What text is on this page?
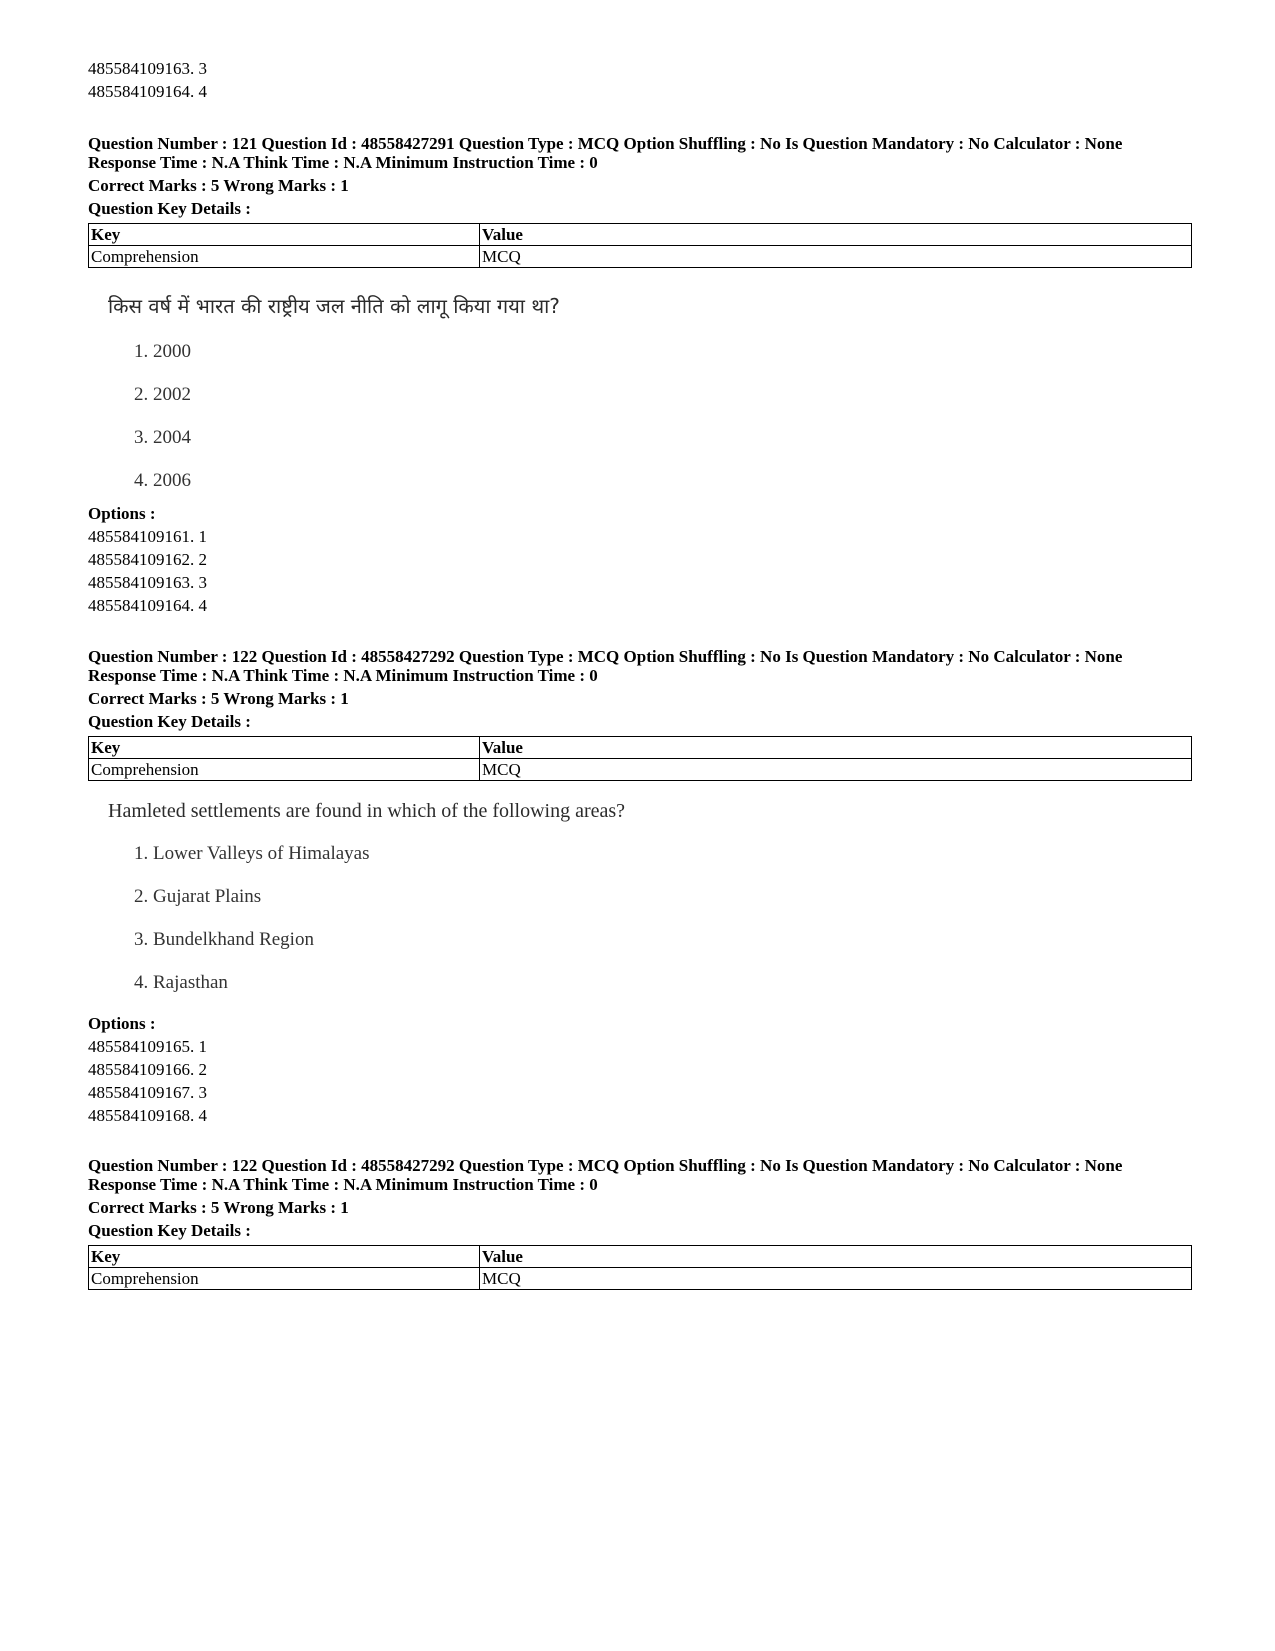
485584109163. 3
485584109164. 4
Question Number : 121 Question Id : 48558427291 Question Type : MCQ Option Shuffling : No Is Question Mandatory : No Calculator : None
Response Time : N.A Think Time : N.A Minimum Instruction Time : 0
Correct Marks : 5 Wrong Marks : 1
Question Key Details :
Key	Value
Comprehension	MCQ
किस वर्ष में भारत की राष्ट्रीय जल नीति को लागू किया गया था?
1. 2000
2. 2002
3. 2004
4. 2006
Options :
485584109161. 1
485584109162. 2
485584109163. 3
485584109164. 4
Question Number : 122 Question Id : 48558427292 Question Type : MCQ Option Shuffling : No Is Question Mandatory : No Calculator : None
Response Time : N.A Think Time : N.A Minimum Instruction Time : 0
Correct Marks : 5 Wrong Marks : 1
Question Key Details :
Key	Value
Comprehension	MCQ
Hamleted settlements are found in which of the following areas?
1. Lower Valleys of Himalayas
2. Gujarat Plains
3. Bundelkhand Region
4. Rajasthan
Options :
485584109165. 1
485584109166. 2
485584109167. 3
485584109168. 4
Question Number : 122 Question Id : 48558427292 Question Type : MCQ Option Shuffling : No Is Question Mandatory : No Calculator : None
Response Time : N.A Think Time : N.A Minimum Instruction Time : 0
Correct Marks : 5 Wrong Marks : 1
Question Key Details :
Key	Value
Comprehension	MCQ
